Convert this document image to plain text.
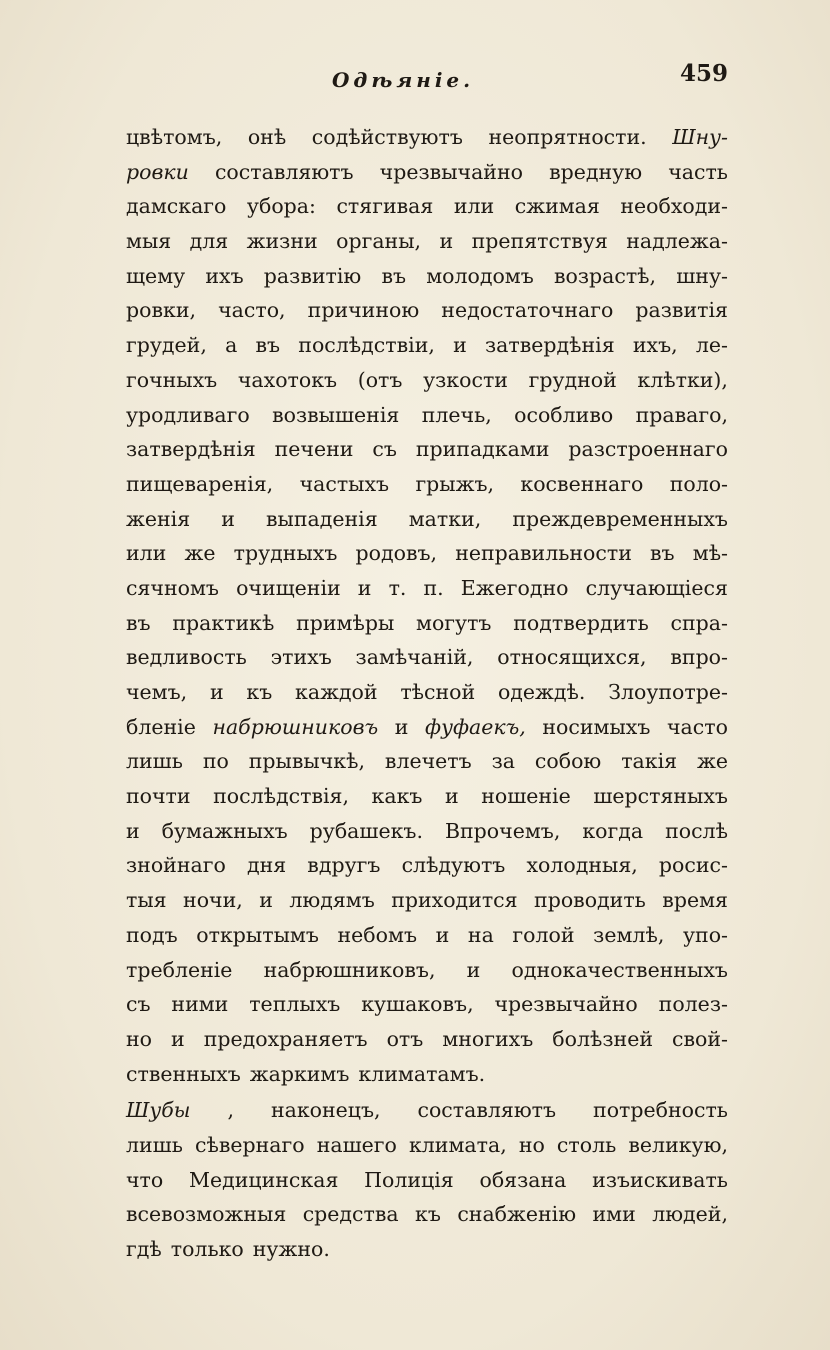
Одѣяніе.	459
цвѣтомъ, онѣ содѣйствуютъ неопрятности. Шну-
ровки составляютъ чрезвычайно вредную часть
дамскаго убора: стягивая или сжимая необходи-
мыя для жизни органы, и препятствуя надлежа-
щему ихъ развитію въ молодомъ возрастѣ, шну-
ровки, часто, причиною недостаточнаго развитія
грудей, а въ послѣдствіи, и затвердѣнія ихъ, ле-
гочныхъ чахотокъ (отъ узкости грудной клѣтки),
уродливаго возвышенія плечь, особливо праваго,
затвердѣнія печени съ припадками разстроеннаго
пищеваренія, частыхъ грыжъ, косвеннаго поло-
женія и выпаденія матки, преждевременныхъ
или же трудныхъ родовъ, неправильности въ мѣ-
сячномъ очищеніи и т. п. Ежегодно случающіеся
въ практикѣ примѣры могутъ подтвердить спра-
ведливость этихъ замѣчаній, относящихся, впро-
чемъ, и къ каждой тѣсной одеждѣ. Злоупотре-
бленіе набрюшниковъ и фуфаекъ, носимыхъ часто
лишь по прывычкѣ, влечетъ за собою такія же
почти послѣдствія, какъ и ношеніе шерстяныхъ
и бумажныхъ рубашекъ. Впрочемъ, когда послѣ
знойнаго дня вдругъ слѣдуютъ холодныя, росис-
тыя ночи, и людямъ приходится проводить время
подъ открытымъ небомъ и на голой землѣ, упо-
требленіе набрюшниковъ, и однокачественныхъ
съ ними теплыхъ кушаковъ, чрезвычайно полез-
но и предохраняетъ отъ многихъ болѣзней свой-
ственныхъ жаркимъ климатамъ.
Шубы , наконецъ, составляютъ потребность
лишь сѣвернаго нашего климата, но столь великую,
что Медицинская Полиція обязана изъискивать
всевозможныя средства къ снабженію ими людей,
гдѣ только нужно.
